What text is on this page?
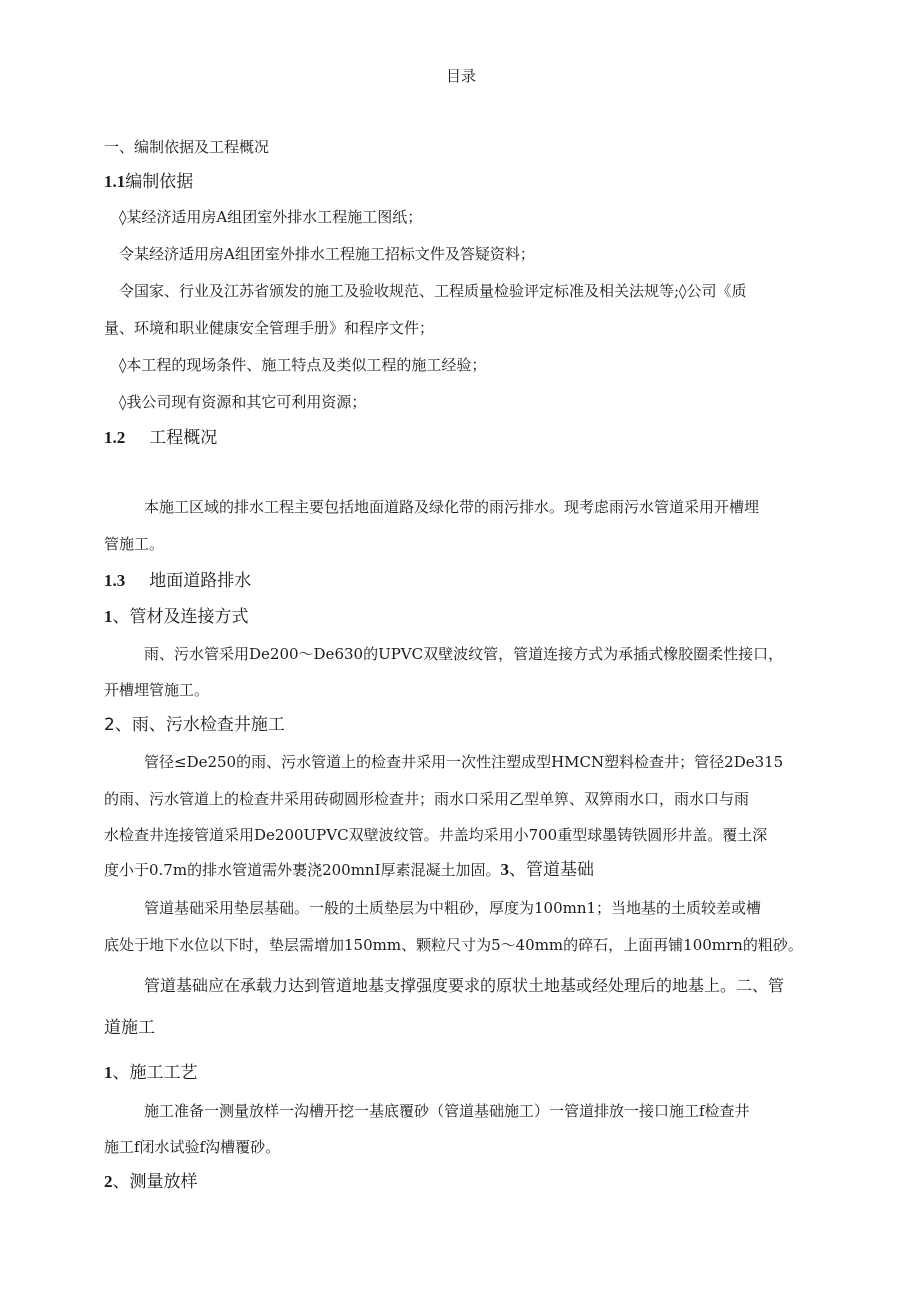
目录
一、编制依据及工程概况
1.1编制依据
◊某经济适用房A组团室外排水工程施工图纸；
令某经济适用房A组团室外排水工程施工招标文件及答疑资料；
令国家、行业及江苏省颁发的施工及验收规范、工程质量检验评定标准及相关法规等;◊公司《质
量、环境和职业健康安全管理手册》和程序文件；
◊本工程的现场条件、施工特点及类似工程的施工经验；
◊我公司现有资源和其它可利用资源；
1.2 工程概况
本施工区域的排水工程主要包括地面道路及绿化带的雨污排水。现考虑雨污水管道采用开槽埋
管施工。
1.3 地面道路排水
1、管材及连接方式
雨、污水管采用De200～De630的UPVC双壁波纹管，管道连接方式为承插式橡胶圈柔性接口，
开槽埋管施工。
2、雨、污水检查井施工
管径≤De250的雨、污水管道上的检查井采用一次性注塑成型HMCN塑料检查井；管径2De315
的雨、污水管道上的检查井采用砖砌圆形检查井；雨水口采用乙型单箅、双箅雨水口，雨水口与雨
水检查井连接管道采用De200UPVC双壁波纹管。井盖均采用小700重型球墨铸铁圆形井盖。覆土深
度小于0.7m的排水管道需外裹浇200mnI厚素混凝土加固。3、管道基础
管道基础采用垫层基础。一般的土质垫层为中粗砂，厚度为100mn1；当地基的土质较差或槽
底处于地下水位以下时，垫层需增加150mm、颗粒尺寸为5～40mm的碎石，上面再铺100mrn的粗砂。
管道基础应在承载力达到管道地基支撑强度要求的原状土地基或经处理后的地基上。二、管
道施工
1、施工工艺
施工准备一测量放样一沟槽开挖一基底覆砂（管道基础施工）一管道排放一接口施工f检查井
施工f闭水试验f沟槽覆砂。
2、测量放样
